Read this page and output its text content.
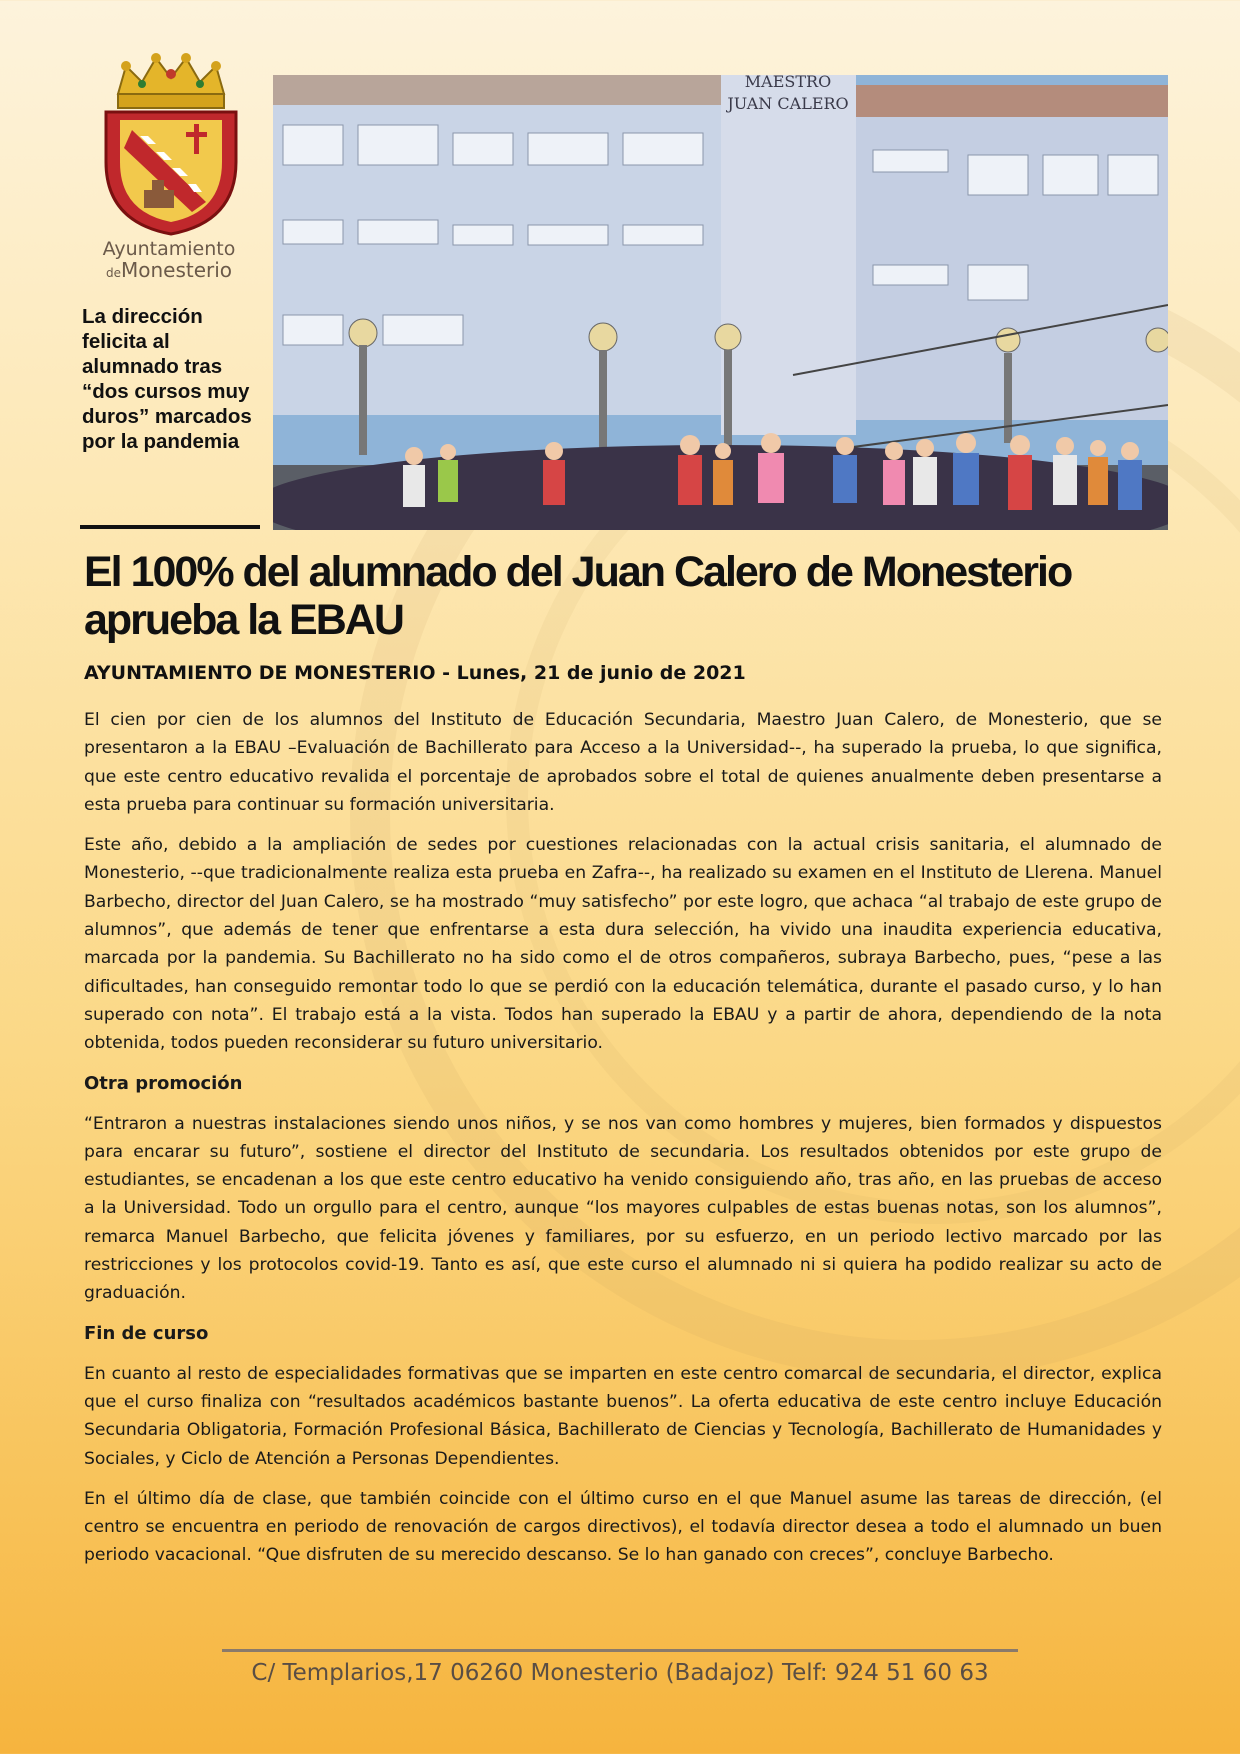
Ayuntamiento
deMonesterio

La dirección felicita al alumnado tras “dos cursos muy duros” marcados por la pandemia

MAESTRO
JUAN CALERO
El 100% del alumnado del Juan Calero de Monesterio aprueba la EBAU

AYUNTAMIENTO DE MONESTERIO - Lunes, 21 de junio de 2021

El cien por cien de los alumnos del Instituto de Educación Secundaria, Maestro Juan Calero, de Monesterio, que se presentaron a la EBAU –Evaluación de Bachillerato para Acceso a la Universidad--, ha superado la prueba, lo que significa, que este centro educativo revalida el porcentaje de aprobados sobre el total de quienes anualmente deben presentarse a esta prueba para continuar su formación universitaria.

Este año, debido a la ampliación de sedes por cuestiones relacionadas con la actual crisis sanitaria, el alumnado de Monesterio, --que tradicionalmente realiza esta prueba en Zafra--, ha realizado su examen en el Instituto de Llerena. Manuel Barbecho, director del Juan Calero, se ha mostrado “muy satisfecho” por este logro, que achaca “al trabajo de este grupo de alumnos”, que además de tener que enfrentarse a esta dura selección, ha vivido una inaudita experiencia educativa, marcada por la pandemia. Su Bachillerato no ha sido como el de otros compañeros, subraya Barbecho, pues, “pese a las dificultades, han conseguido remontar todo lo que se perdió con la educación telemática, durante el pasado curso, y lo han superado con nota”. El trabajo está a la vista. Todos han superado la EBAU y a partir de ahora, dependiendo de la nota obtenida, todos pueden reconsiderar su futuro universitario.

Otra promoción

“Entraron a nuestras instalaciones siendo unos niños, y se nos van como hombres y mujeres, bien formados y dispuestos para encarar su futuro”, sostiene el director del Instituto de secundaria. Los resultados obtenidos por este grupo de estudiantes, se encadenan a los que este centro educativo ha venido consiguiendo año, tras año, en las pruebas de acceso a la Universidad. Todo un orgullo para el centro, aunque “los mayores culpables de estas buenas notas, son los alumnos”, remarca Manuel Barbecho, que felicita jóvenes y familiares, por su esfuerzo, en un periodo lectivo marcado por las restricciones y los protocolos covid-19. Tanto es así, que este curso el alumnado ni si quiera ha podido realizar su acto de graduación.

Fin de curso

En cuanto al resto de especialidades formativas que se imparten en este centro comarcal de secundaria, el director, explica que el curso finaliza con “resultados académicos bastante buenos”. La oferta educativa de este centro incluye Educación Secundaria Obligatoria, Formación Profesional Básica, Bachillerato de Ciencias y Tecnología, Bachillerato de Humanidades y Sociales, y Ciclo de Atención a Personas Dependientes.

En el último día de clase, que también coincide con el último curso en el que Manuel asume las tareas de dirección, (el centro se encuentra en periodo de renovación de cargos directivos), el todavía director desea a todo el alumnado un buen periodo vacacional. “Que disfruten de su merecido descanso. Se lo han ganado con creces”, concluye Barbecho.

C/ Templarios,17 06260 Monesterio (Badajoz) Telf: 924 51 60 63
